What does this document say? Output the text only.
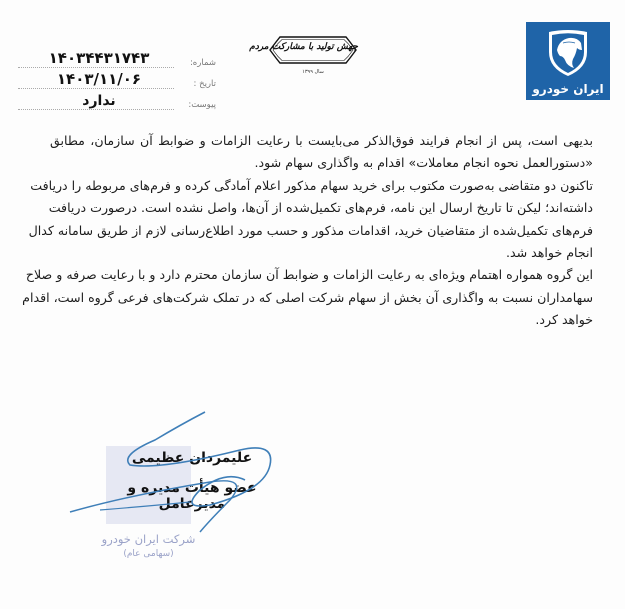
شماره:
۱۴۰۳۴۴۳۱۷۴۳
تاریخ :
۱۴۰۳/۱۱/۰۶
پیوست:
ندارد
جهش تولید با مشارکت مردم
سال ۱۳۹۹
ایران خودرو

بدیهی است، پس از انجام فرایند فوق‌الذکر می‌بایست با رعایت الزامات و ضوابط آن سازمان، مطابق
«دستورالعمل نحوه انجام معاملات» اقدام به واگذاری سهام شود.

تاکنون دو متقاضی به‌صورت مکتوب برای خرید سهام مذکور اعلام آمادگی کرده و فرم‌های مربوطه را دریافت
داشته‌اند؛ لیکن تا تاریخ ارسال این نامه، فرم‌های تکمیل‌شده از آن‌ها، واصل نشده است. درصورت دریافت
فرم‌های تکمیل‌شده از متقاضیان خرید، اقدامات مذکور و حسب مورد اطلاع‌رسانی لازم از طریق سامانه کدال
انجام خواهد شد.

این گروه همواره اهتمام ویژه‌ای به رعایت الزامات و ضوابط آن سازمان محترم دارد و با رعایت صرفه و صلاح
سهامداران نسبت به واگذاری آن بخش از سهام شرکت اصلی که در تملک شرکت‌های فرعی گروه است، اقدام
خواهد کرد.

شرکت ایران خودرو
(سهامی عام)
علیمردان عظیمی
عضو هیأت مدیره و مدیرعامل
